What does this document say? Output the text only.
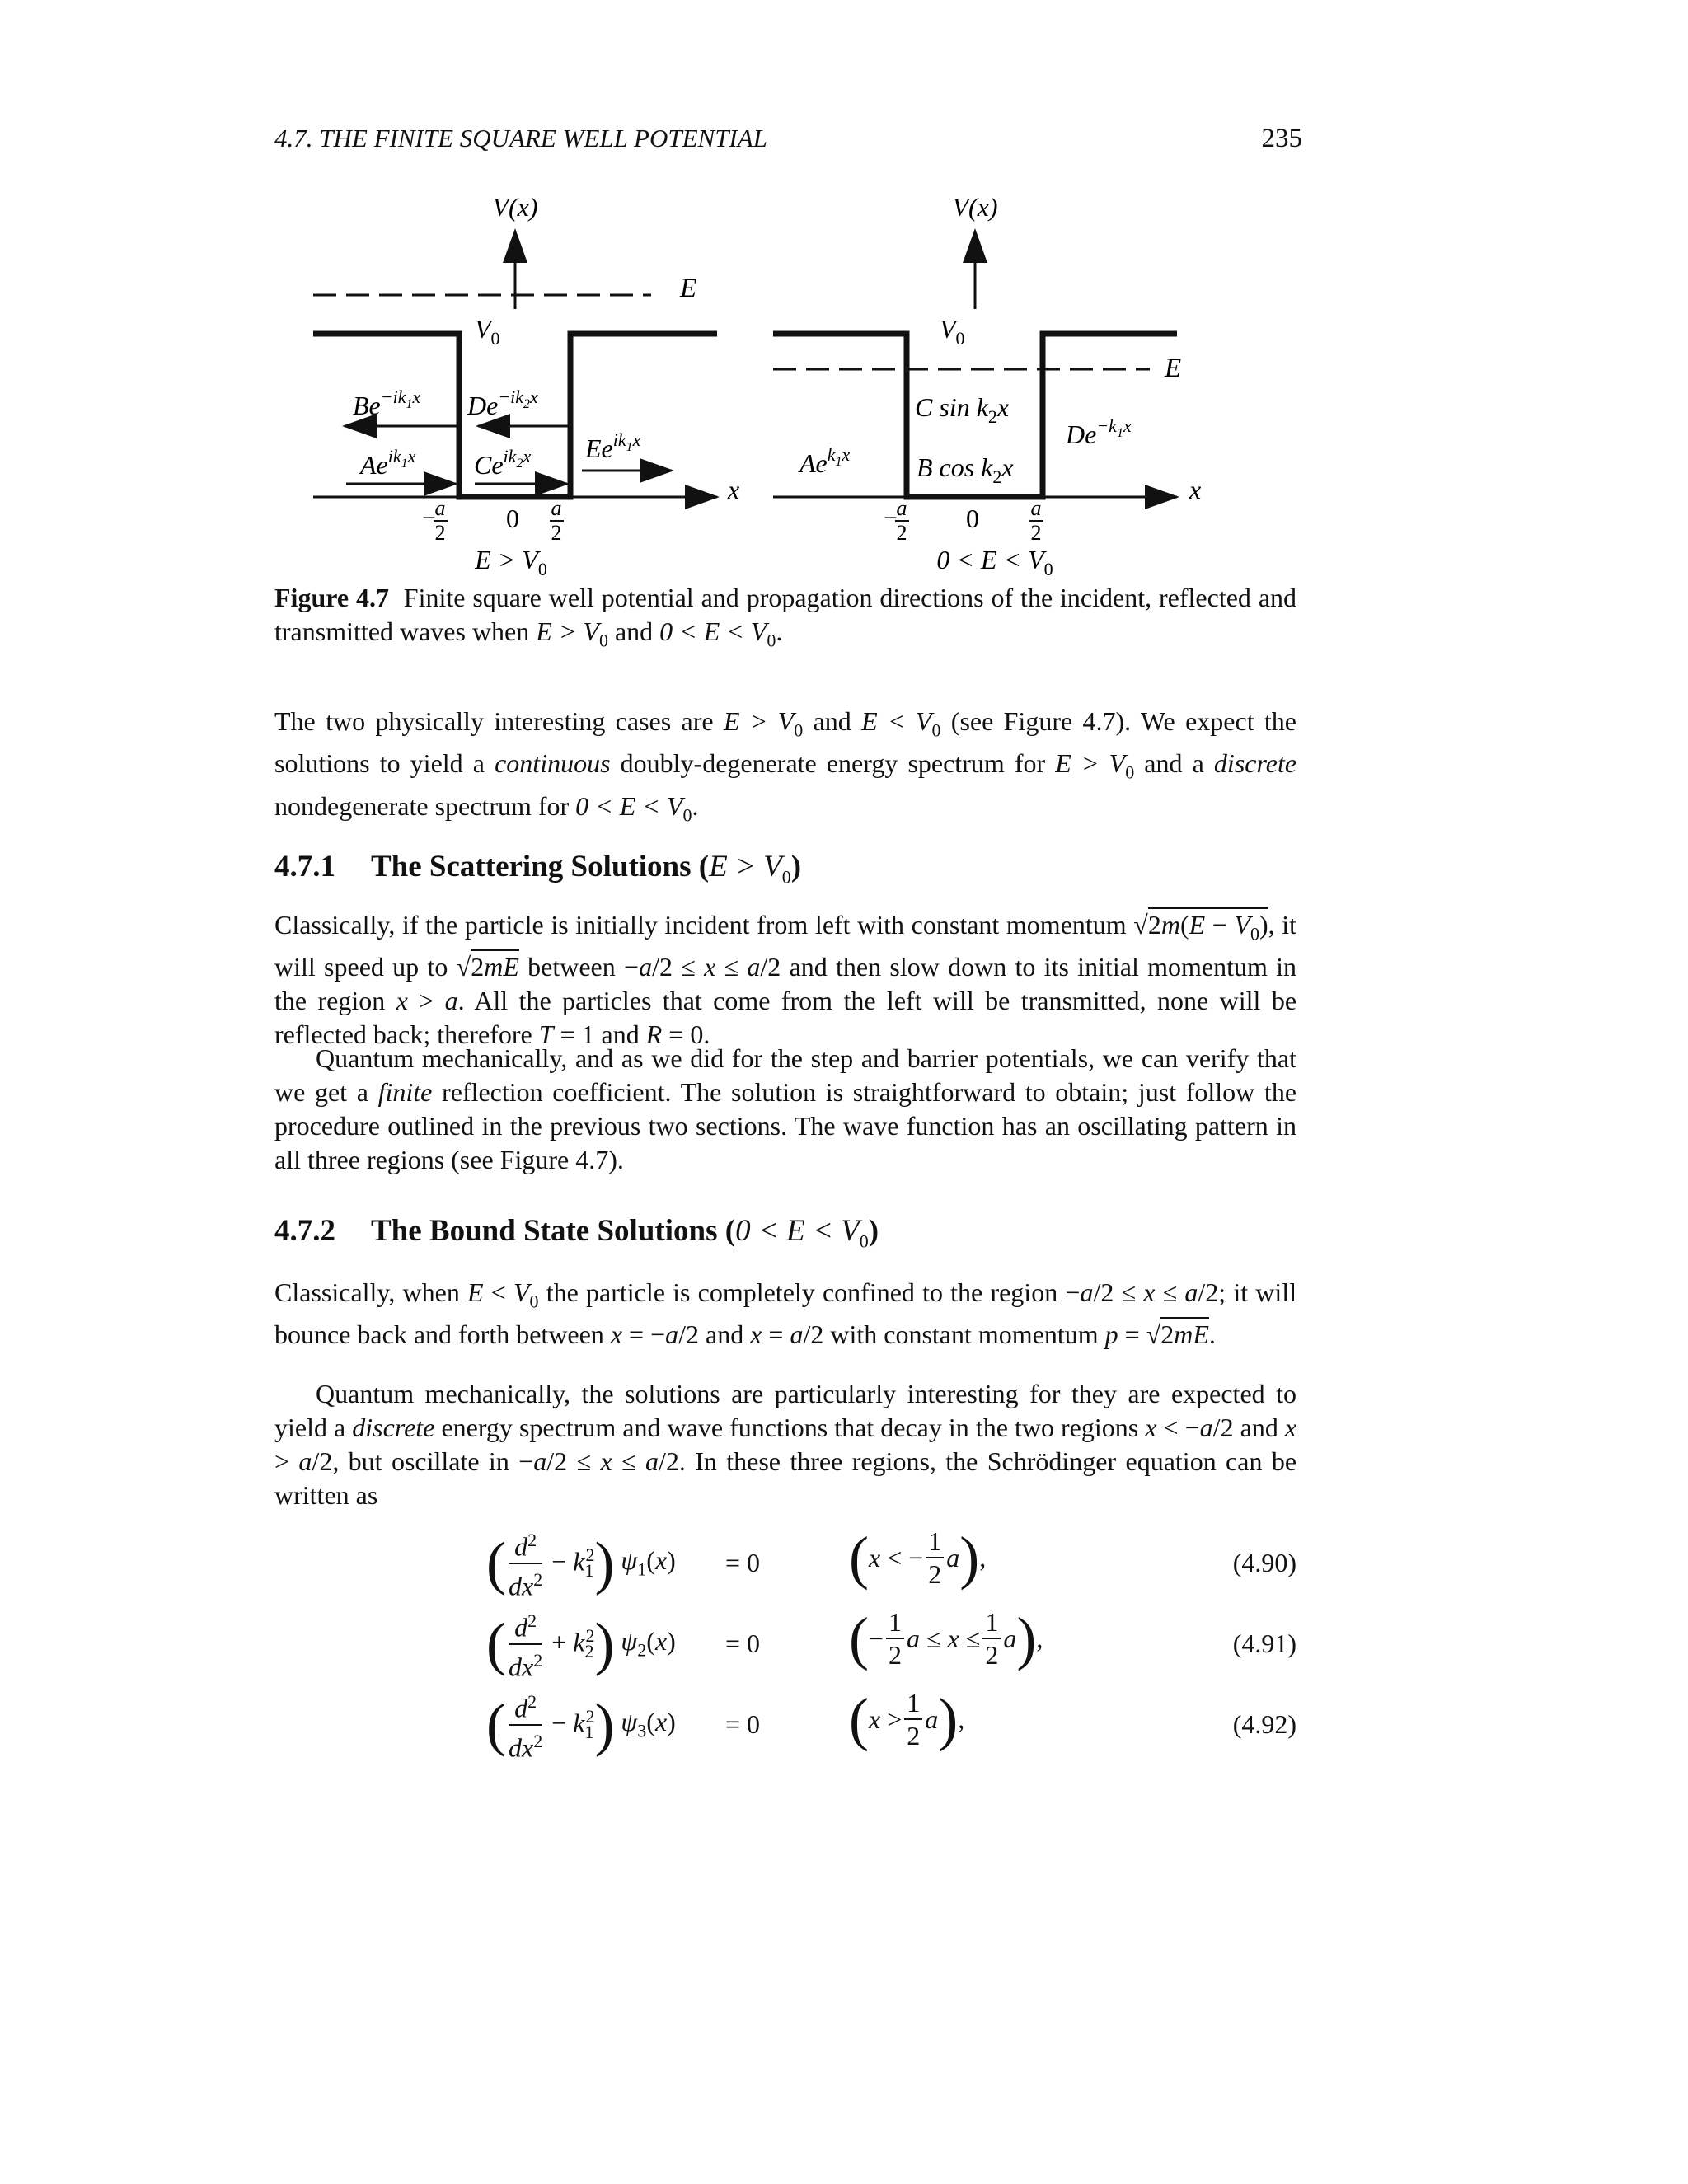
4.7. THE FINITE SQUARE WELL POTENTIAL	235
V(x)
E
$V_0$
x
$Be^{-ik}1x$ $De^{-ik}2x$
$Ae^{ik}1x$ $Ce^{ik}2x$ $Ee^{ik}1x$
−
a
2 0 a
2
$E > V_0$
V(x)
$V_0$
E
x
C $\sin k_2x$
B $\cos k_2x$
Ae$^k$1x
$De^{-k}1x$
−
a
2 0 a
2
$0 < E < V_0$
Figure 4.7 Finite square well potential and propagation directions of the incident, reflected and transmitted waves when $E > V_0$ and $0 < E < V_0$.
The two physically interesting cases are $E > V_0$ and $E < V_0$ (see Figure 4.7). We expect the solutions to yield a continuous doubly-degenerate energy spectrum for $E > V_0$ and a discrete nondegenerate spectrum for $0 < E < V_0$.
4.7.1 The Scattering Solutions $(E > V_0)$
Classically, if the particle is initially incident from left with constant momentum $√2m(E - V_0)$, it will speed up to √2mE between −a/2 ≤ x ≤ a/2 and then slow down to its initial momentum in the region x > a. All the particles that come from the left will be transmitted, none will be reflected back; therefore T = 1 and R = 0.
Quantum mechanically, and as we did for the step and barrier potentials, we can verify that we get a finite reflection coefficient. The solution is straightforward to obtain; just follow the procedure outlined in the previous two sections. The wave function has an oscillating pattern in all three regions (see Figure 4.7).
4.7.2 The Bound State Solutions $(0 < E < V_0)$
Classically, when $E < V_0$ the particle is completely confined to the region −a/2 ≤ x ≤ a/2; it will bounce back and forth between x = −a/2 and x = a/2 with constant momentum p = √2mE.
Quantum mechanically, the solutions are particularly interesting for they are expected to yield a discrete energy spectrum and wave functions that decay in the two regions x < −a/2 and x > a/2, but oscillate in −a/2 ≤ x ≤ a/2. In these three regions, the Schrödinger equation can be written as
( $\frac{d^2}{dx^2} - k_1^2$) $\psi_1(x) = 0$ (x < − $\frac{1}{2} a$),	(4.90)
( $\frac{d^2}{dx^2} + k_2^2$) $\psi_2(x) = 0$ (− $\frac{1}{2}$ $a \le x \le \frac{1}{2} a$),	(4.91)
( $\frac{d^2}{dx^2} - k_1^2$) $\psi_3(x) = 0$ $(x > \frac{1}{2} a)$,	(4.92)
